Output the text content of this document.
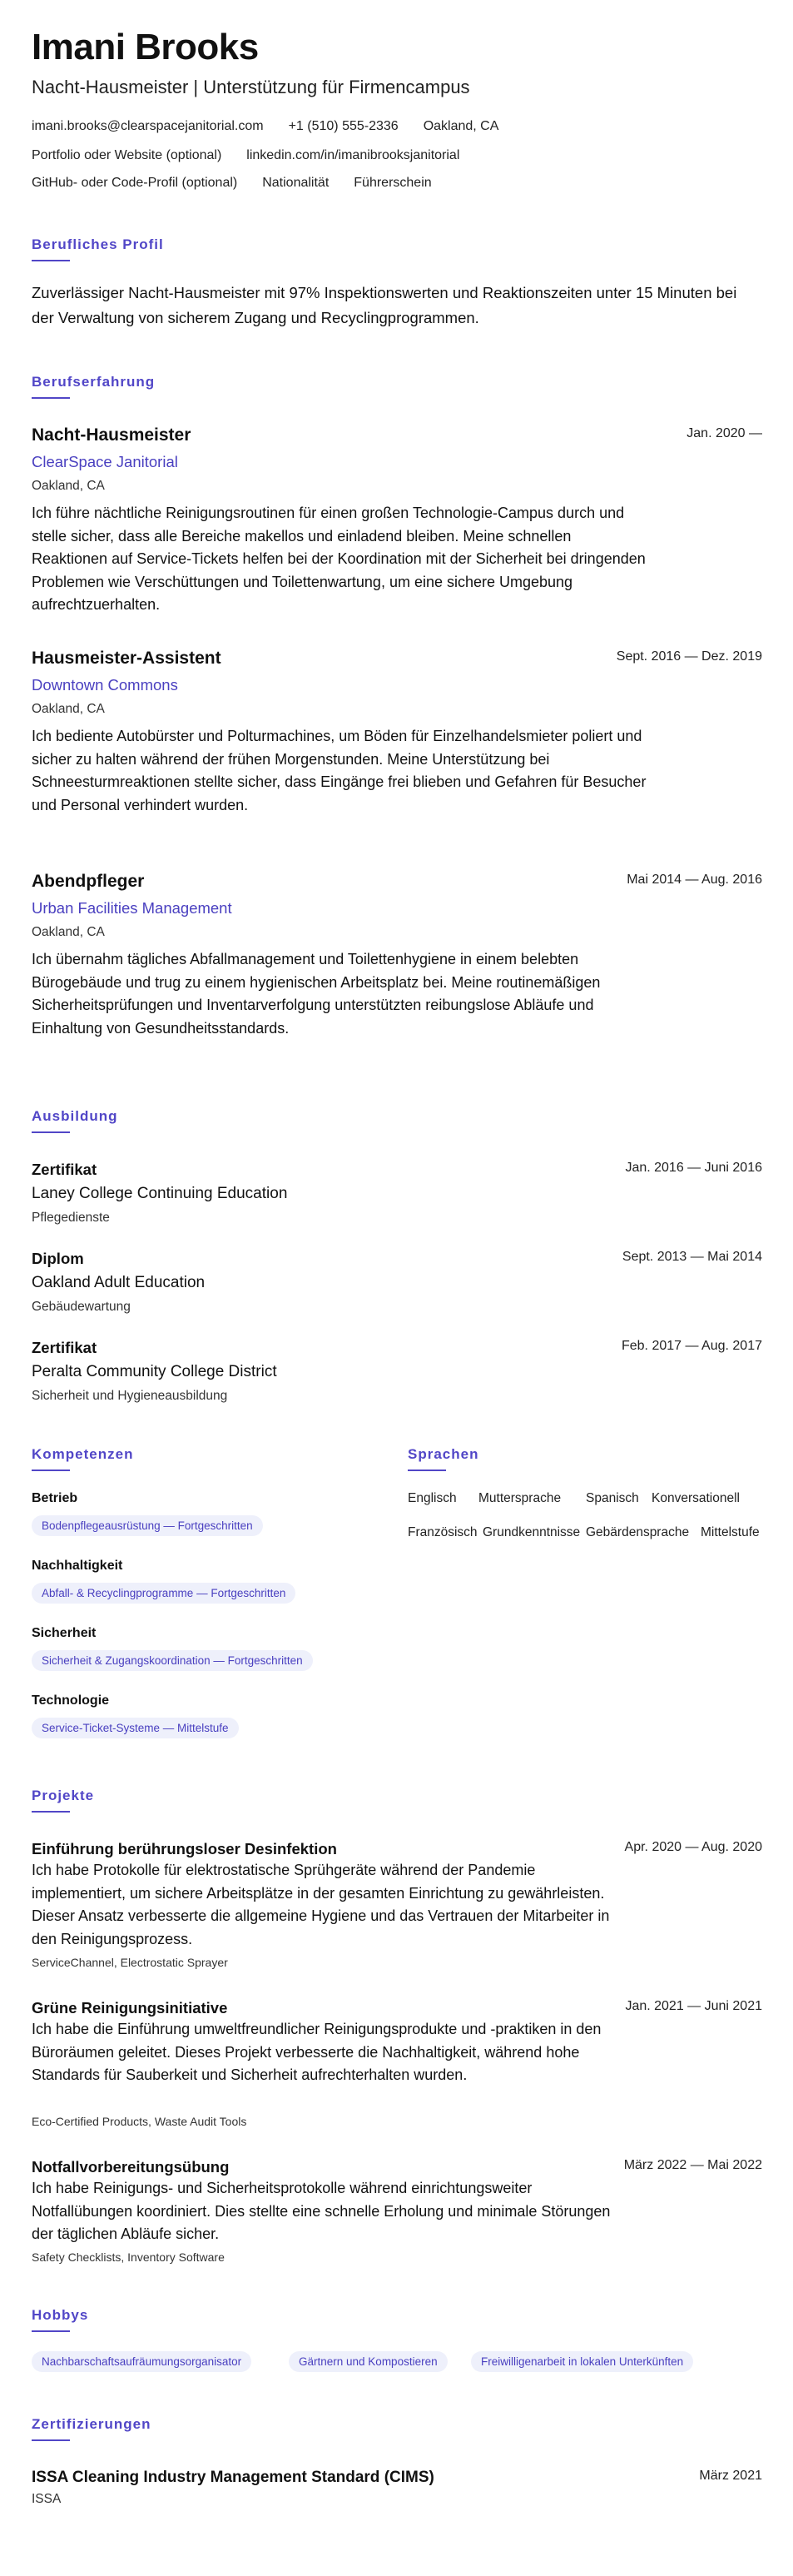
Imani Brooks
Nacht-Hausmeister | Unterstützung für Firmencampus
imani.brooks@clearspacejanitorial.com +1 (510) 555-2336 Oakland, CA
Portfolio oder Website (optional) linkedin.com/in/imanibrooksjanitorial
GitHub- oder Code-Profil (optional) Nationalität Führerschein
Berufliches Profil
Zuverlässiger Nacht-Hausmeister mit 97% Inspektionswerten und Reaktionszeiten unter 15 Minuten bei der Verwaltung von sicherem Zugang und Recyclingprogrammen.
Berufserfahrung
Nacht-Hausmeister	Jan. 2020 —
ClearSpace Janitorial
Oakland, CA
Ich führe nächtliche Reinigungsroutinen für einen großen Technologie-Campus durch und stelle sicher, dass alle Bereiche makellos und einladend bleiben. Meine schnellen Reaktionen auf Service-Tickets helfen bei der Koordination mit der Sicherheit bei dringenden Problemen wie Verschüttungen und Toilettenwartung, um eine sichere Umgebung aufrechtzuerhalten.
Hausmeister-Assistent	Sept. 2016 — Dez. 2019
Downtown Commons
Oakland, CA
Ich bediente Autobürster und Polturmachines, um Böden für Einzelhandelsmieter poliert und sicher zu halten während der frühen Morgenstunden. Meine Unterstützung bei Schneesturmreaktionen stellte sicher, dass Eingänge frei blieben und Gefahren für Besucher und Personal verhindert wurden.
Abendpfleger	Mai 2014 — Aug. 2016
Urban Facilities Management
Oakland, CA
Ich übernahm tägliches Abfallmanagement und Toilettenhygiene in einem belebten Bürogebäude und trug zu einem hygienischen Arbeitsplatz bei. Meine routinemäßigen Sicherheitsprüfungen und Inventarverfolgung unterstützten reibungslose Abläufe und Einhaltung von Gesundheitsstandards.
Ausbildung
Zertifikat	Jan. 2016 — Juni 2016
Laney College Continuing Education
Pflegedienste
Diplom	Sept. 2013 — Mai 2014
Oakland Adult Education
Gebäudewartung
Zertifikat	Feb. 2017 — Aug. 2017
Peralta Community College District
Sicherheit und Hygieneausbildung
Kompetenzen
Betrieb
Bodenpflegeausrüstung — Fortgeschritten
Nachhaltigkeit
Abfall- & Recyclingprogramme — Fortgeschritten
Sicherheit
Sicherheit & Zugangskoordination — Fortgeschritten
Technologie
Service-Ticket-Systeme — Mittelstufe
Sprachen
Englisch Muttersprache Spanisch Konversationell
Französisch Grundkenntnisse Gebärdensprache Mittelstufe
Projekte
Einführung berührungsloser Desinfektion	Apr. 2020 — Aug. 2020
Ich habe Protokolle für elektrostatische Sprühgeräte während der Pandemie implementiert, um sichere Arbeitsplätze in der gesamten Einrichtung zu gewährleisten. Dieser Ansatz verbesserte die allgemeine Hygiene und das Vertrauen der Mitarbeiter in den Reinigungsprozess.
ServiceChannel, Electrostatic Sprayer
Grüne Reinigungsinitiative	Jan. 2021 — Juni 2021
Ich habe die Einführung umweltfreundlicher Reinigungsprodukte und -praktiken in den Büroräumen geleitet. Dieses Projekt verbesserte die Nachhaltigkeit, während hohe Standards für Sauberkeit und Sicherheit aufrechterhalten wurden.
Eco-Certified Products, Waste Audit Tools
Notfallvorbereitungsübung	März 2022 — Mai 2022
Ich habe Reinigungs- und Sicherheitsprotokolle während einrichtungsweiter Notfallübungen koordiniert. Dies stellte eine schnelle Erholung und minimale Störungen der täglichen Abläufe sicher.
Safety Checklists, Inventory Software
Hobbys
Nachbarschaftsaufräumungsorganisator	Gärtnern und Kompostieren	Freiwilligenarbeit in lokalen Unterkünften
Zertifizierungen
ISSA Cleaning Industry Management Standard (CIMS)	März 2021
ISSA
